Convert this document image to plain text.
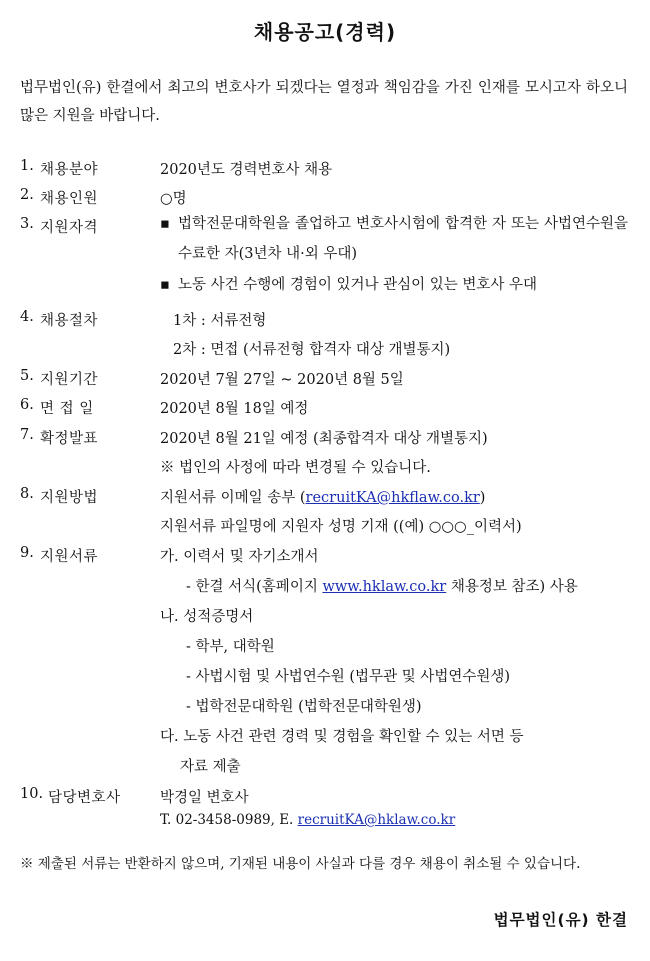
채용공고(경력)
법무법인(유) 한결에서 최고의 변호사가 되겠다는 열정과 책임감을 가진 인재를 모시고자 하오니 많은 지원을 바랍니다.
1. 채용분야	2020년도 경력변호사 채용
2. 채용인원	○명
3. 지원자격	▪ 법학전문대학원을 졸업하고 변호사시험에 합격한 자 또는 사법연수원을 수료한 자(3년차 내·외 우대)
▪ 노동 사건 수행에 경험이 있거나 관심이 있는 변호사 우대
4. 채용절차	1차 : 서류전형
2차 : 면접 (서류전형 합격자 대상 개별통지)
5. 지원기간	2020년 7월 27일 ~ 2020년 8월 5일
6. 면 접 일	2020년 8월 18일 예정
7. 확정발표	2020년 8월 21일 예정 (최종합격자 대상 개별통지)
※ 법인의 사정에 따라 변경될 수 있습니다.
8. 지원방법	지원서류 이메일 송부 (recruitKA@hkflaw.co.kr)
지원서류 파일명에 지원자 성명 기재 ((예) ○○○_이력서)
9. 지원서류	가. 이력서 및 자기소개서
- 한결 서식(홈페이지 www.hklaw.co.kr 채용정보 참조) 사용
나. 성적증명서
- 학부, 대학원
- 사법시험 및 사법연수원 (법무관 및 사법연수원생)
- 법학전문대학원 (법학전문대학원생)
다. 노동 사건 관련 경력 및 경험을 확인할 수 있는 서면 등
자료 제출
10. 담당변호사	박경일 변호사
T. 02-3458-0989, E. recruitKA@hklaw.co.kr
※ 제출된 서류는 반환하지 않으며, 기재된 내용이 사실과 다를 경우 채용이 취소될 수 있습니다.
법무법인(유) 한결
